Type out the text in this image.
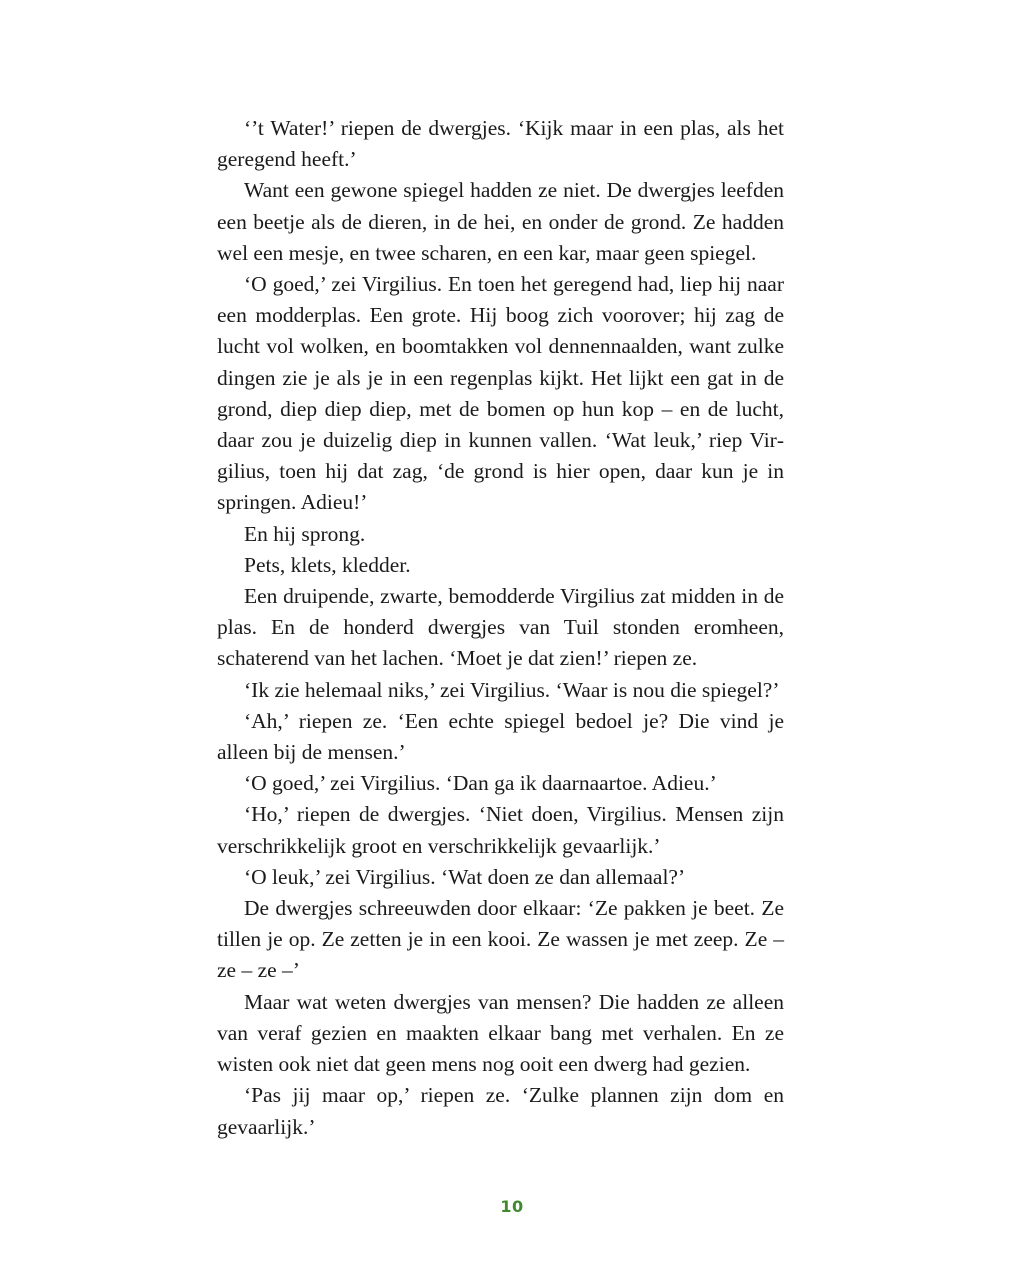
‘’t Water!’ riepen de dwergjes. ‘Kijk maar in een plas, als het geregend heeft.’

Want een gewone spiegel hadden ze niet. De dwergjes leefden een beetje als de dieren, in de hei, en onder de grond. Ze hadden wel een mesje, en twee scharen, en een kar, maar geen spiegel.

‘O goed,’ zei Virgilius. En toen het geregend had, liep hij naar een modderplas. Een grote. Hij boog zich voorover; hij zag de lucht vol wolken, en boomtakken vol dennennaalden, want zulke dingen zie je als je in een regenplas kijkt. Het lijkt een gat in de grond, diep diep diep, met de bomen op hun kop – en de lucht, daar zou je duizelig diep in kunnen vallen. ‘Wat leuk,’ riep Virgilius, toen hij dat zag, ‘de grond is hier open, daar kun je in springen. Adieu!’

En hij sprong.

Pets, klets, kledder.

Een druipende, zwarte, bemodderde Virgilius zat midden in de plas. En de honderd dwergjes van Tuil stonden eromheen, schaterend van het lachen. ‘Moet je dat zien!’ riepen ze.

‘Ik zie helemaal niks,’ zei Virgilius. ‘Waar is nou die spiegel?’

‘Ah,’ riepen ze. ‘Een echte spiegel bedoel je? Die vind je alleen bij de mensen.’

‘O goed,’ zei Virgilius. ‘Dan ga ik daarnaartoe. Adieu.’

‘Ho,’ riepen de dwergjes. ‘Niet doen, Virgilius. Mensen zijn verschrikkelijk groot en verschrikkelijk gevaarlijk.’

‘O leuk,’ zei Virgilius. ‘Wat doen ze dan allemaal?’

De dwergjes schreeuwden door elkaar: ‘Ze pakken je beet. Ze tillen je op. Ze zetten je in een kooi. Ze wassen je met zeep. Ze – ze – ze –’

Maar wat weten dwergjes van mensen? Die hadden ze alleen van veraf gezien en maakten elkaar bang met verhalen. En ze wisten ook niet dat geen mens nog ooit een dwerg had gezien.

‘Pas jij maar op,’ riepen ze. ‘Zulke plannen zijn dom en gevaarlijk.’

10
